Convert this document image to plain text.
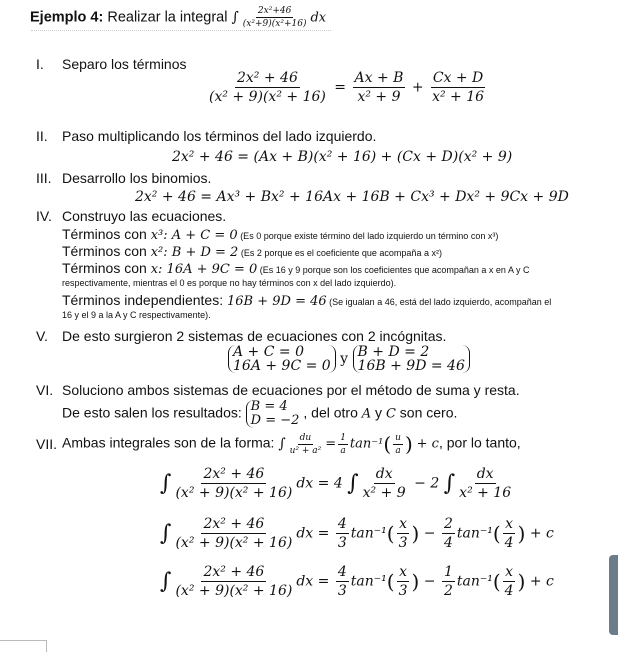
Ejemplo 4: Realizar la integral ∫ $\frac{\text{2x²+46}}{\text{(x²+9)(x²+16)}}$ dx
I. Separo los términos
$\frac{\text{2x² + 46}}{\text{(x² + 9)(x² + 16)}} = \frac{Ax + B}{\text{x² + 9}} + \frac{Cx + D}{\text{x² + 16}}$
II. Paso multiplicando los términos del lado izquierdo.
2x² + 46 = (Ax + B)(x² + 16) + (Cx + D)(x² + 9)
III. Desarrollo los binomios.
2x² + 46 = Ax³ + Bx² + 16Ax + 16B + Cx³ + Dx² + 9Cx + 9D
IV. Construyo las ecuaciones.
Términos con x³: A + C = 0 (Es 0 porque existe término del lado izquierdo un término con x³)
Términos con x²: B + D = 2 (Es 2 porque es el coeficiente que acompaña a x²)
Términos con x: 16A + 9C = 0 (Es 16 y 9 porque son los coeficientes que acompañan a x en A y C
respectivamente, mientras el 0 es porque no hay términos con x del lado izquierdo).
Términos independientes: 16B + 9D = 46 (Se igualan a 46, está del lado izquierdo, acompañan el
16 y el 9 a la A y C respectivamente).
V. De esto surgieron 2 sistemas de ecuaciones con 2 incógnitas.
A + C = 0
16A + 9C = 0 y B + D = 2
16B + 9D = 46
VI. Soluciono ambos sistemas de ecuaciones por el método de suma y resta.
De esto salen los resultados: B = 4
D = −2 , del otro A y C son cero.
VII. Ambas integrales son de la forma: ∫ $\frac{du}{\text{u² + a²}} = \frac{1}{a} \tan^{-1}( \frac{u}{a}$ ) + c, por lo tanto,
∫ $\frac{\text{2x² + 46}}{\text{(x² + 9)(x² + 16)}}$ dx = 4 ∫ $\frac{dx}{\text{x² + 9}} - 2$ ∫ $\frac{dx}{\text{x² + 16}}$
∫ $\frac{\text{2x² + 46}}{\text{(x² + 9)(x² + 16)}}$ dx = $\frac{4}{3} \tan^{-1}( \frac{x}{3}$ ) − $\frac{2}{4} \tan^{-1}( \frac{x}{4}$ ) + c
∫ $\frac{\text{2x² + 46}}{\text{(x² + 9)(x² + 16)}}$ dx = $\frac{4}{3} \tan^{-1}( \frac{x}{3}$ ) − $\frac{1}{2} \tan^{-1}( \frac{x}{4}$ ) + c
